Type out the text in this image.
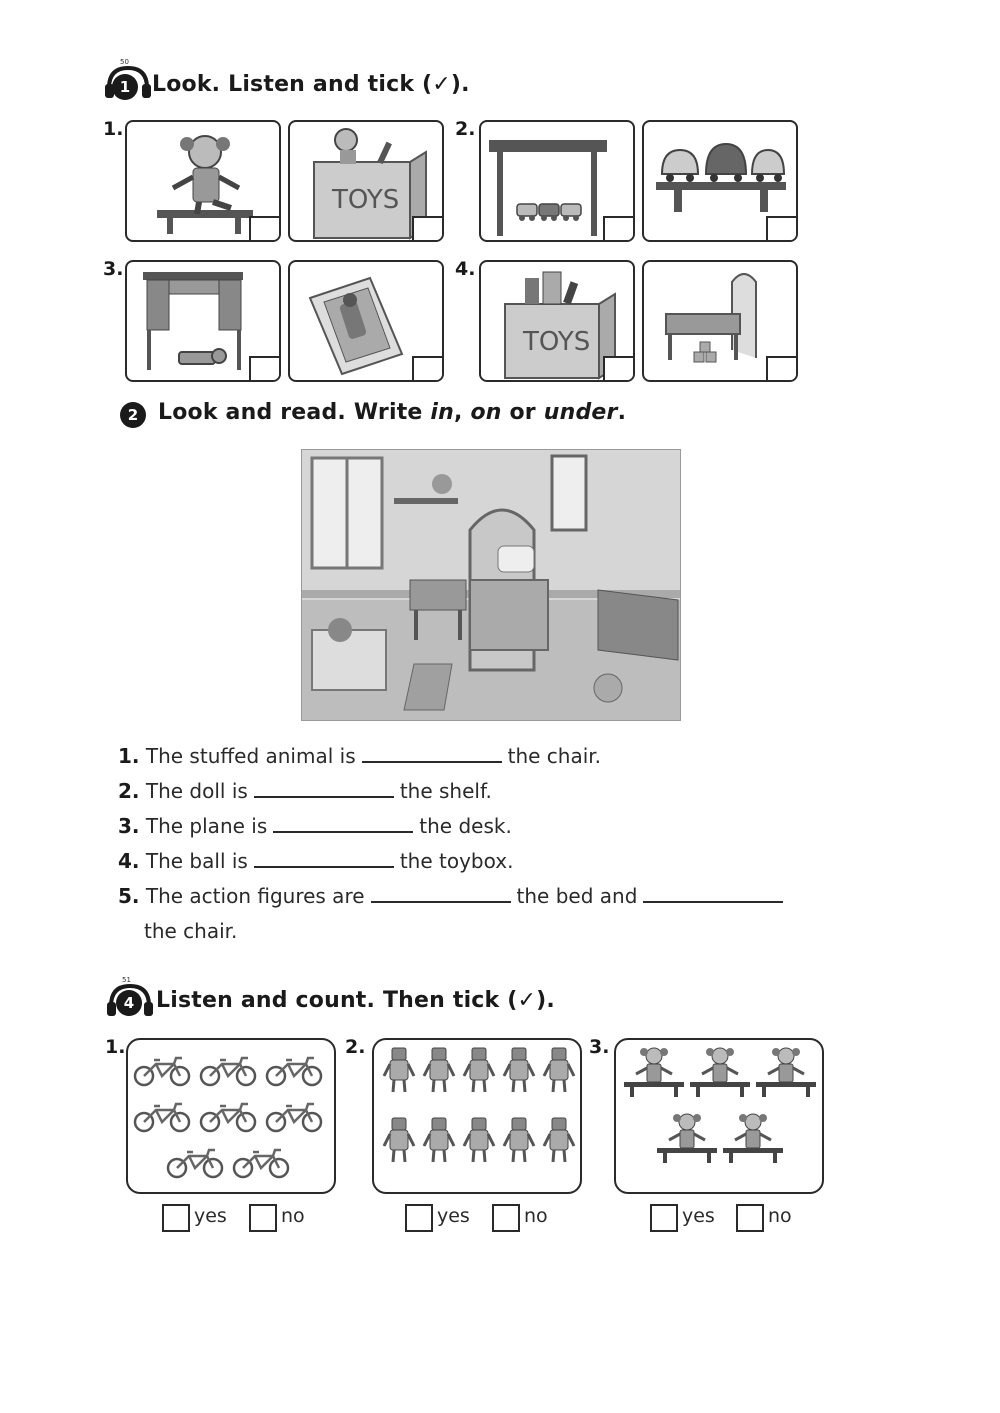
50
1 Look. Listen and tick (✓).
1.
TOYS
2.
3.	4.
TOYS
2 Look and read. Write in, on or under.
1. The stuffed animal is	the chair.
2. The doll is	the shelf.
3. The plane is	the desk.
4. The ball is	the toybox.
5. The action figures are	the bed and
the chair.
51
4 Listen and count. Then tick (✓).
1.	2.	3.
yes	no	yes	no	yes	no
